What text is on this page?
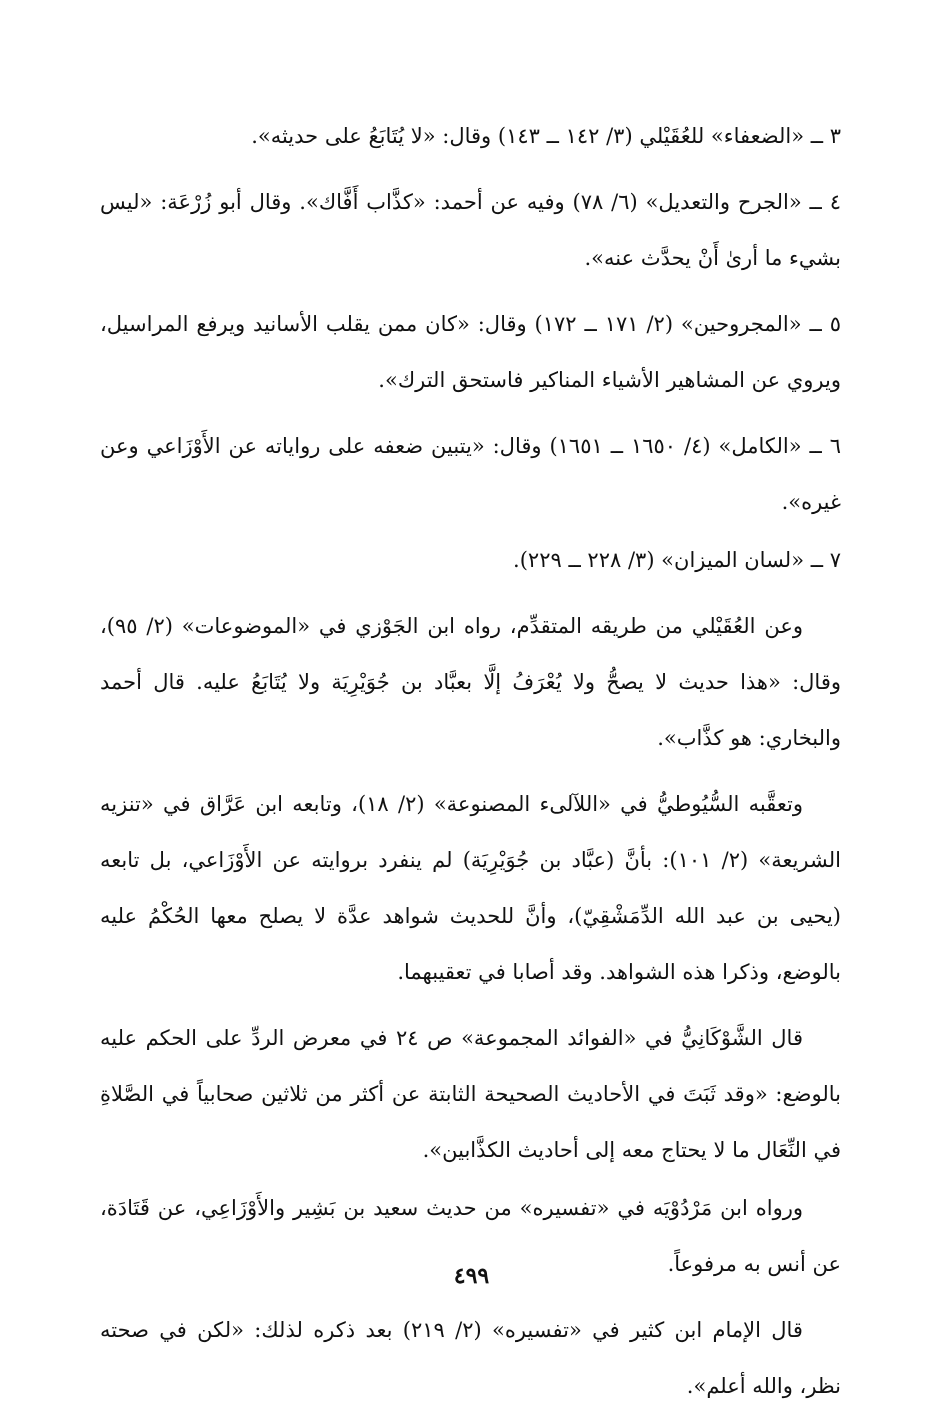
٣ ــ «الضعفاء» للعُقَيْلي (٣/ ١٤٢ ــ ١٤٣) وقال: «لا يُتَابَعُ على حديثه».

٤ ــ «الجرح والتعديل» (٦/ ٧٨) وفيه عن أحمد: «كذَّاب أَفَّاك». وقال أبو زُرْعَة: «ليس بشيء ما أرىٰ أَنْ يحدَّث عنه».

٥ ــ «المجروحين» (٢/ ١٧١ ــ ١٧٢) وقال: «كان ممن يقلب الأسانيد ويرفع المراسيل، ويروي عن المشاهير الأشياء المناكير فاستحق الترك».

٦ ــ «الكامل» (٤/ ١٦٥٠ ــ ١٦٥١) وقال: «يتبين ضعفه على رواياته عن الأَوْزَاعي وعن غيره».

٧ ــ «لسان الميزان» (٣/ ٢٢٨ ــ ٢٢٩).

وعن العُقَيْلي من طريقه المتقدِّم، رواه ابن الجَوْزي في «الموضوعات» (٢/ ٩٥)، وقال: «هذا حديث لا يصحُّ ولا يُعْرَفُ إلَّا بعبَّاد بن جُوَيْرِيَة ولا يُتَابَعُ عليه. قال أحمد والبخاري: هو كذَّاب».

وتعقَّبه السُّيُوطيُّ في «اللآلىء المصنوعة» (٢/ ١٨)، وتابعه ابن عَرَّاق في «تنزيه الشريعة» (٢/ ١٠١): بأنَّ (عبَّاد بن جُوَيْرِيَة) لم ينفرد بروايته عن الأَوْزَاعي، بل تابعه (يحيى بن عبد الله الدِّمَشْقِيّ)، وأنَّ للحديث شواهد عدَّة لا يصلح معها الحُكْمُ عليه بالوضع، وذكرا هذه الشواهد. وقد أصابا في تعقيبهما.

قال الشَّوْكَانِيُّ في «الفوائد المجموعة» ص ٢٤ في معرض الردِّ على الحكم عليه بالوضع: «وقد ثَبَتَ في الأحاديث الصحيحة الثابتة عن أكثر من ثلاثين صحابياً في الصَّلاةِ في النِّعَال ما لا يحتاج معه إلى أحاديث الكذَّابين».

ورواه ابن مَرْدُوْيَه في «تفسيره» من حديث سعيد بن بَشِير والأَوْزَاعِي، عن قَتَادَة، عن أنس به مرفوعاً.

قال الإمام ابن كثير في «تفسيره» (٢/ ٢١٩) بعد ذكره لذلك: «لكن في صحته نظر، والله أعلم».

٤٩٩
